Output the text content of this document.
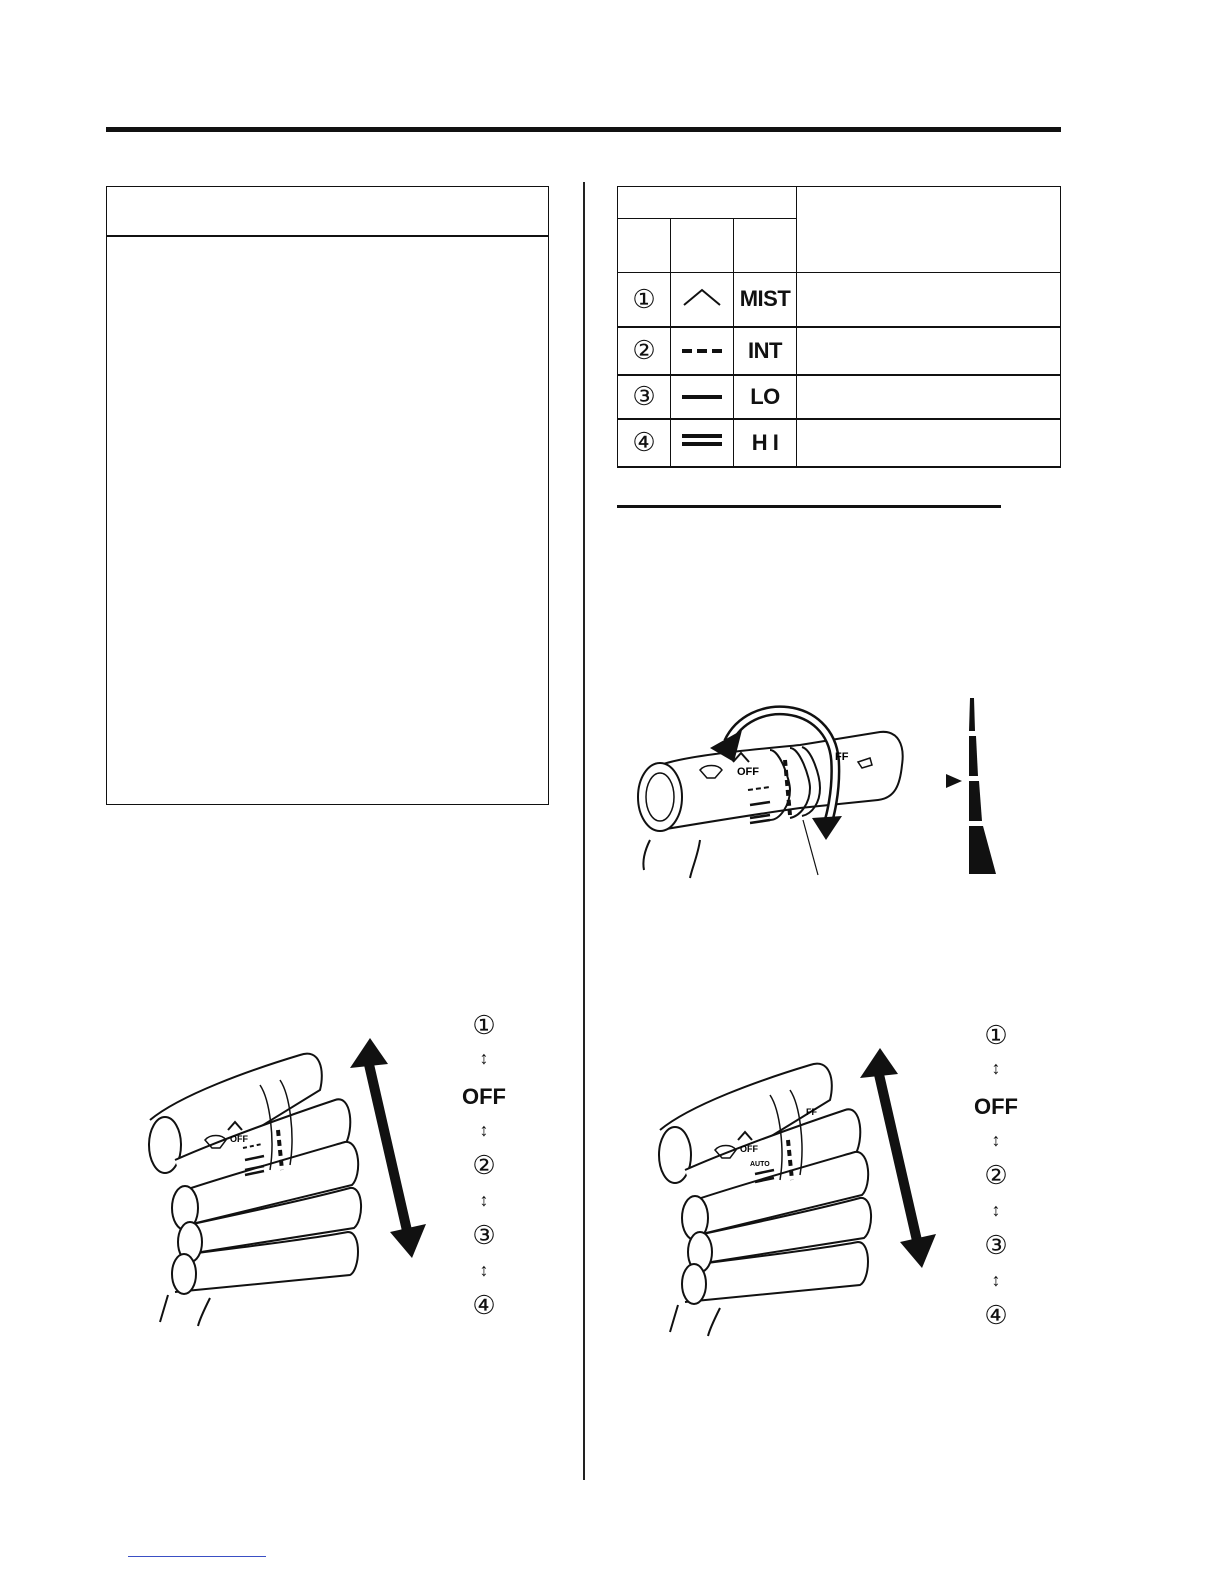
①		MIST	
②		INT	
③		LO	
④		H I	
OFF
FF
OFF
①
↕
OFF
↕
②
↕
③
↕
④
OFF
AUTO
FF
①
↕
OFF
↕
②
↕
③
↕
④
